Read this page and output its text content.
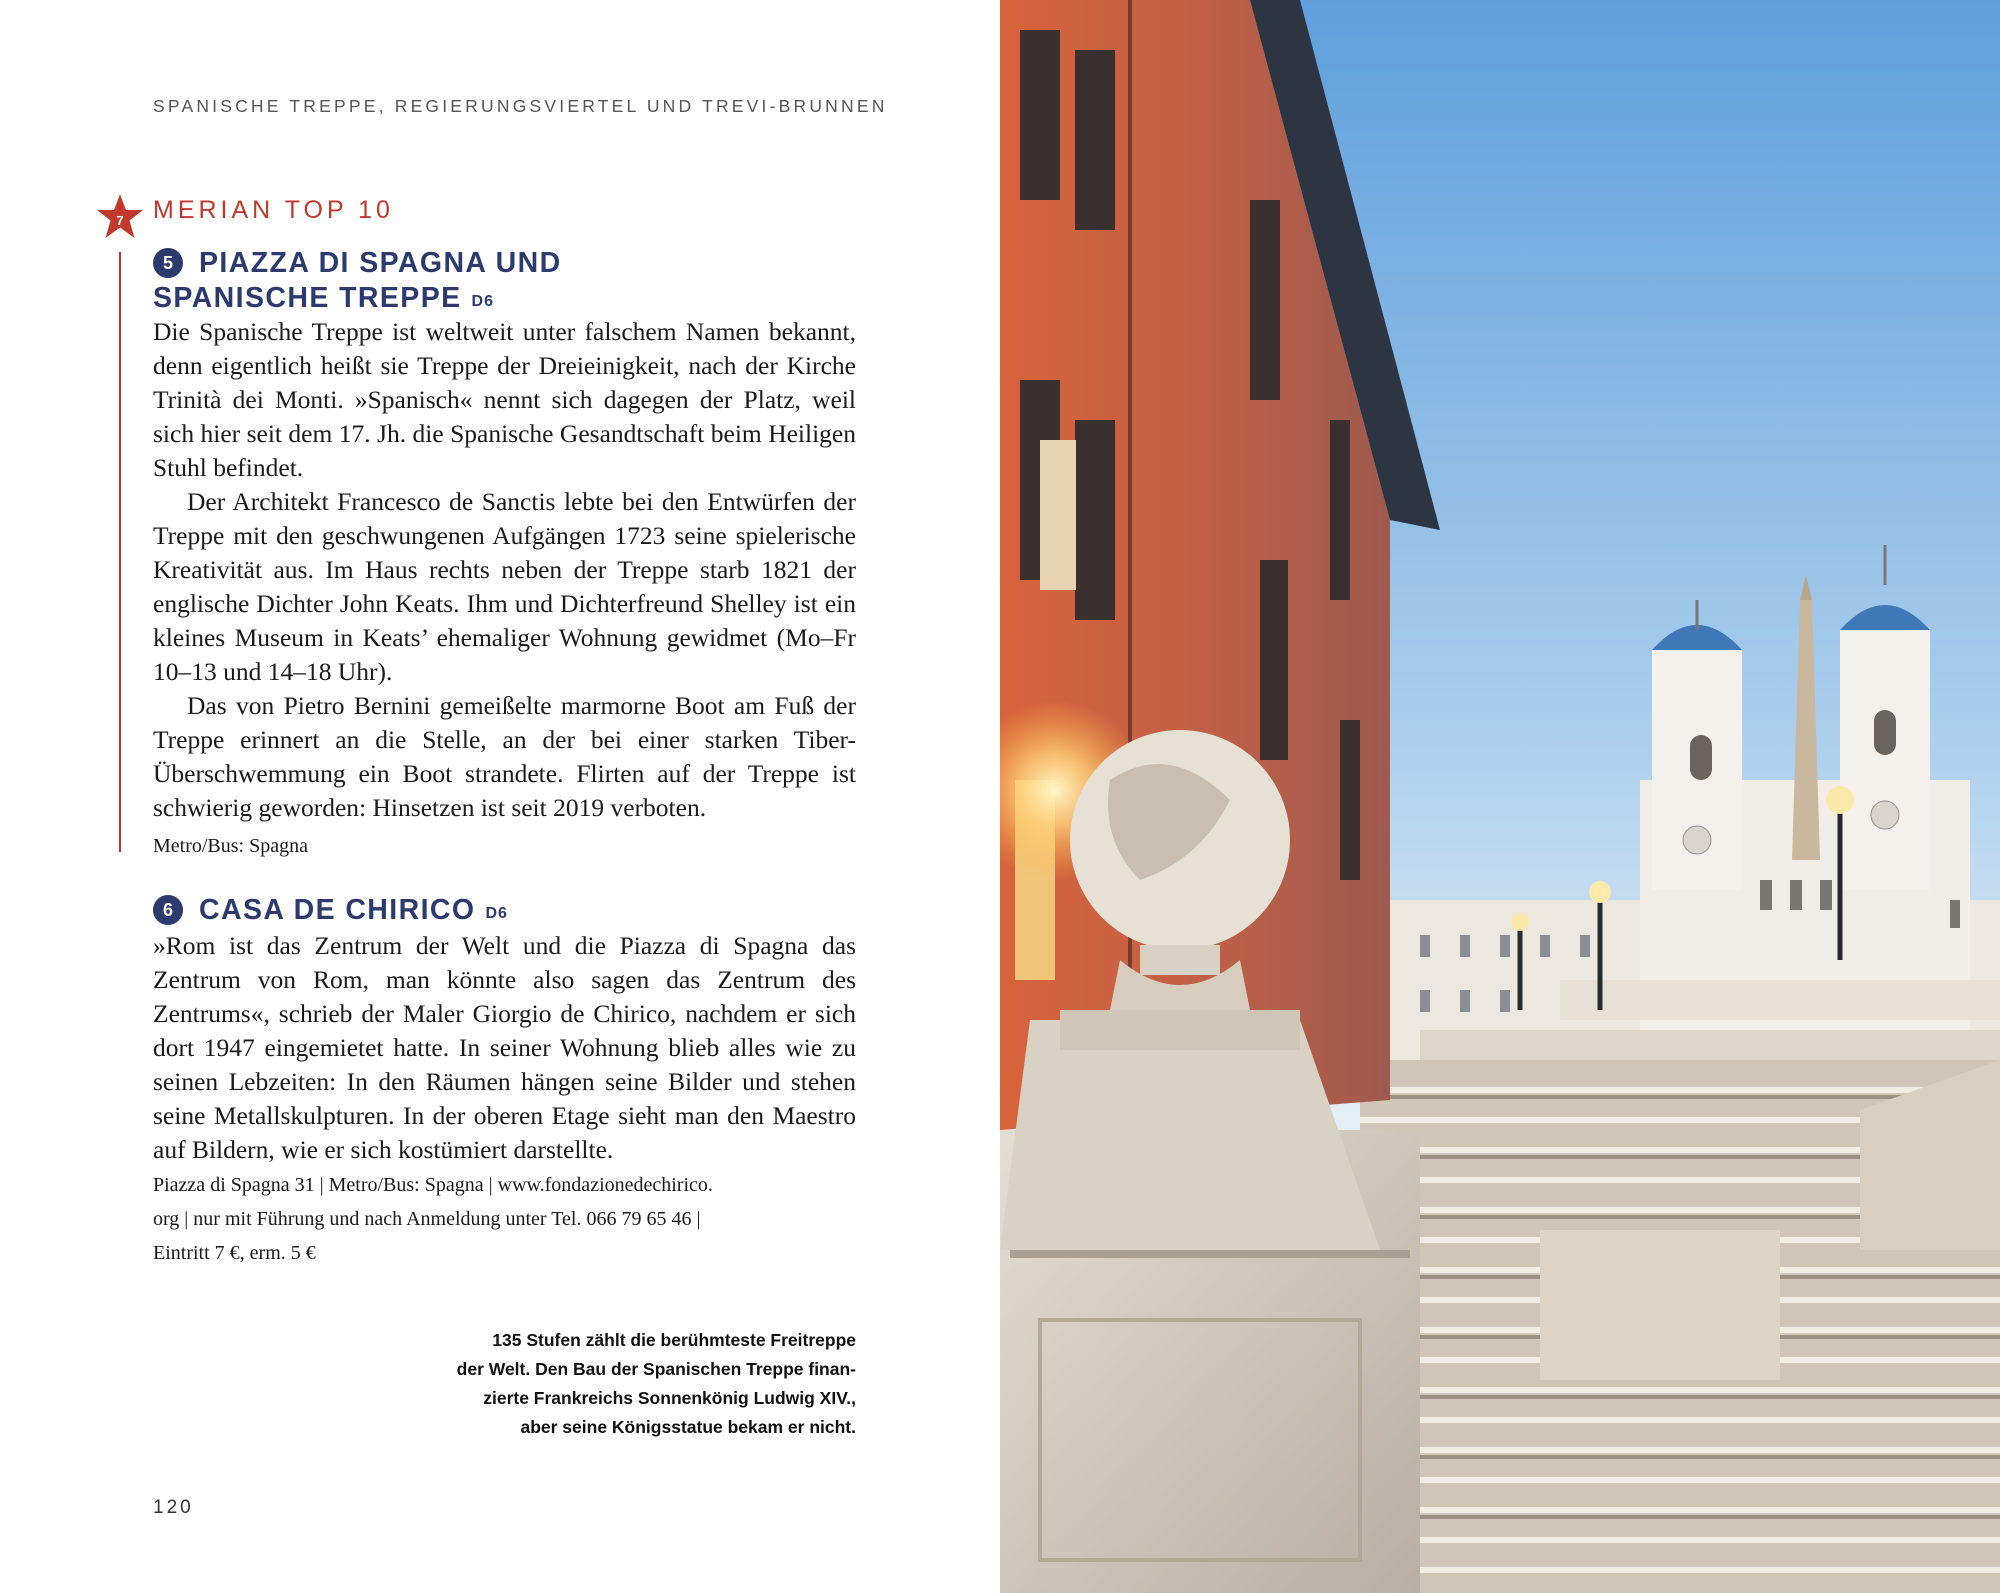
SPANISCHE TREPPE, REGIERUNGSVIERTEL UND TREVI-BRUNNEN
7 MERIAN TOP 10
5 PIAZZA DI SPAGNA UND
SPANISCHE TREPPE D6

Die Spanische Treppe ist weltweit unter falschem Namen bekannt, denn eigentlich heißt sie Treppe der Dreieinigkeit, nach der Kirche Trinità dei Monti. »Spanisch« nennt sich dagegen der Platz, weil sich hier seit dem 17. Jh. die Spanische Gesandtschaft beim Heiligen Stuhl befindet.

Der Architekt Francesco de Sanctis lebte bei den Entwürfen der Treppe mit den geschwungenen Aufgängen 1723 seine spielerische Kreativität aus. Im Haus rechts neben der Treppe starb 1821 der englische Dichter John Keats. Ihm und Dichterfreund Shelley ist ein kleines Museum in Keats’ ehemaliger Wohnung gewidmet (Mo–Fr 10–13 und 14–18 Uhr).

Das von Pietro Bernini gemeißelte marmorne Boot am Fuß der Treppe erinnert an die Stelle, an der bei einer starken Tiber-Überschwemmung ein Boot strandete. Flirten auf der Treppe ist schwierig geworden: Hinsetzen ist seit 2019 verboten.

Metro/Bus: Spagna
6 CASA DE CHIRICO D6

»Rom ist das Zentrum der Welt und die Piazza di Spagna das Zentrum von Rom, man könnte also sagen das Zentrum des Zentrums«, schrieb der Maler Giorgio de Chirico, nachdem er sich dort 1947 eingemietet hatte. In seiner Wohnung blieb alles wie zu seinen Lebzeiten: In den Räumen hängen seine Bilder und stehen seine Metallskulpturen. In der oberen Etage sieht man den Maestro auf Bildern, wie er sich kostümiert darstellte.

Piazza di Spagna 31 | Metro/Bus: Spagna | www.fondazionedechirico.
org | nur mit Führung und nach Anmeldung unter Tel. 066 79 65 46 |
Eintritt 7 €, erm. 5 €
135 Stufen zählt die berühmteste Freitreppe
der Welt. Den Bau der Spanischen Treppe finan-
zierte Frankreichs Sonnenkönig Ludwig XIV.,
aber seine Königsstatue bekam er nicht.
120
